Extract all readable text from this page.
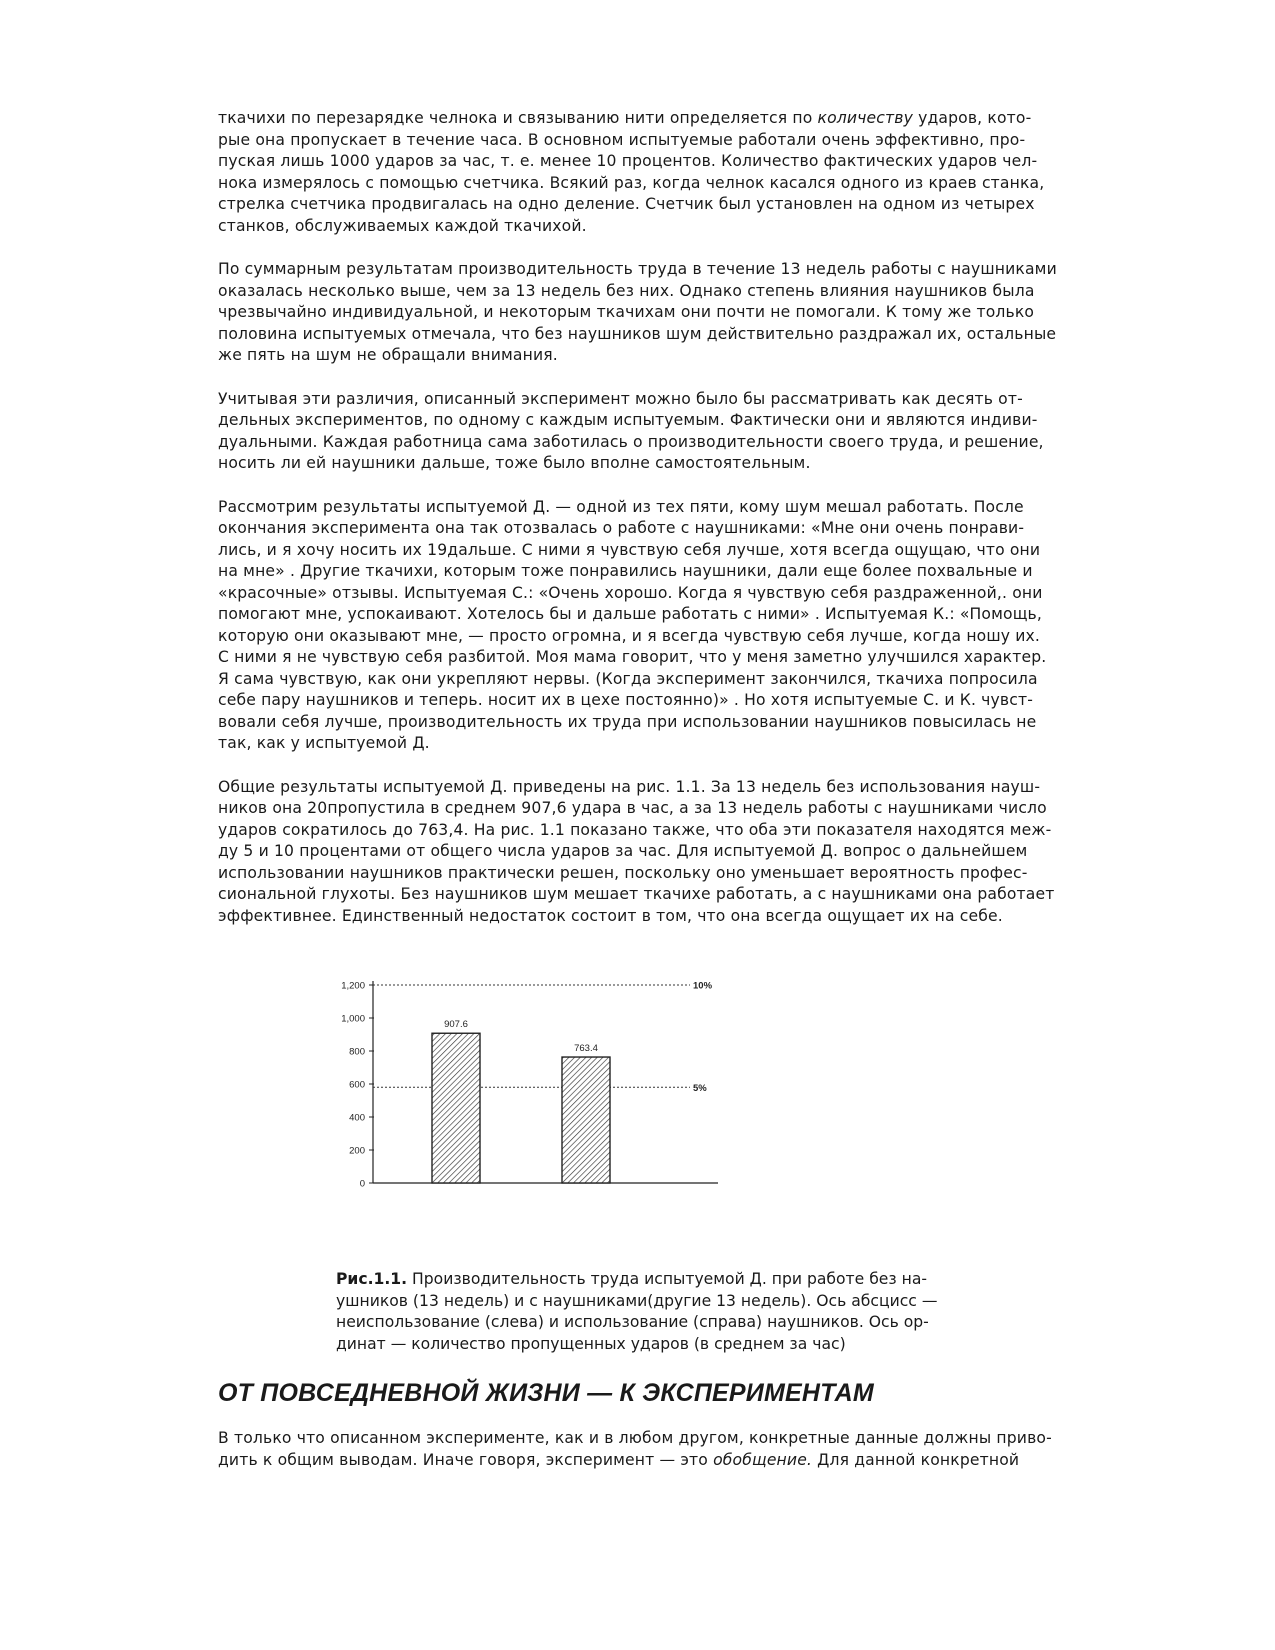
ткачихи по перезарядке челнока и связыванию нити определяется по количеству ударов, кото-
рые она пропускает в течение часа. В основном испытуемые работали очень эффективно, про-
пуская лишь 1000 ударов за час, т. е. менее 10 процентов. Количество фактических ударов чел-
нока измерялось с помощью счетчика. Всякий раз, когда челнок касался одного из краев станка,
стрелка счетчика продвигалась на одно деление. Счетчик был установлен на одном из четырех
станков, обслуживаемых каждой ткачихой.

По суммарным результатам производительность труда в течение 13 недель работы с наушниками
оказалась несколько выше, чем за 13 недель без них. Однако степень влияния наушников была
чрезвычайно индивидуальной, и некоторым ткачихам они почти не помогали. К тому же только
половина испытуемых отмечала, что без наушников шум действительно раздражал их, остальные
же пять на шум не обращали внимания.

Учитывая эти различия, описанный эксперимент можно было бы рассматривать как десять от-
дельных экспериментов, по одному с каждым испытуемым. Фактически они и являются индиви-
дуальными. Каждая работница сама заботилась о производительности своего труда, и решение,
носить ли ей наушники дальше, тоже было вполне самостоятельным.

Рассмотрим результаты испытуемой Д. — одной из тех пяти, кому шум мешал работать. После
окончания эксперимента она так отозвалась о работе с наушниками: «Мне они очень понрави-
лись, и я хочу носить их 19дальше. С ними я чувствую себя лучше, хотя всегда ощущаю, что они
на мне» . Другие ткачихи, которым тоже понравились наушники, дали еще более похвальные и
«красочные» отзывы. Испытуемая С.: «Очень хорошо. Когда я чувствую себя раздраженной,. они
помогают мне, успокаивают. Хотелось бы и дальше работать с ними» . Испытуемая К.: «Помощь,
которую они оказывают мне, — просто огромна, и я всегда чувствую себя лучше, когда ношу их.
С ними я не чувствую себя разбитой. Моя мама говорит, что у меня заметно улучшился характер.
Я сама чувствую, как они укрепляют нервы. (Когда эксперимент закончился, ткачиха попросила
себе пару наушников и теперь. носит их в цехе постоянно)» . Но хотя испытуемые С. и К. чувст-
вовали себя лучше, производительность их труда при использовании наушников повысилась не
так, как у испытуемой Д.

Общие результаты испытуемой Д. приведены на рис. 1.1. За 13 недель без использования науш-
ников она 20пропустила в среднем 907,6 удара в час, а за 13 недель работы с наушниками число
ударов сократилось до 763,4. На рис. 1.1 показано также, что оба эти показателя находятся меж-
ду 5 и 10 процентами от общего числа ударов за час. Для испытуемой Д. вопрос о дальнейшем
использовании наушников практически решен, поскольку оно уменьшает вероятность профес-
сиональной глухоты. Без наушников шум мешает ткачихе работать, а с наушниками она работает
эффективнее. Единственный недостаток состоит в том, что она всегда ощущает их на себе.

0
200
400
600
800
1,000
1,200	10%
5%
907.6
763.4
Рис.1.1. Производительность труда испытуемой Д. при работе без на-
ушников (13 недель) и с наушниками(другие 13 недель). Ось абсцисс —
неиспользование (слева) и использование (справа) наушников. Ось ор-
динат — количество пропущенных ударов (в среднем за час)
ОТ ПОВСЕДНЕВНОЙ ЖИЗНИ — К ЭКСПЕРИМЕНТАМ

В только что описанном эксперименте, как и в любом другом, конкретные данные должны приво-
дить к общим выводам. Иначе говоря, эксперимент — это обобщение. Для данной конкретной
